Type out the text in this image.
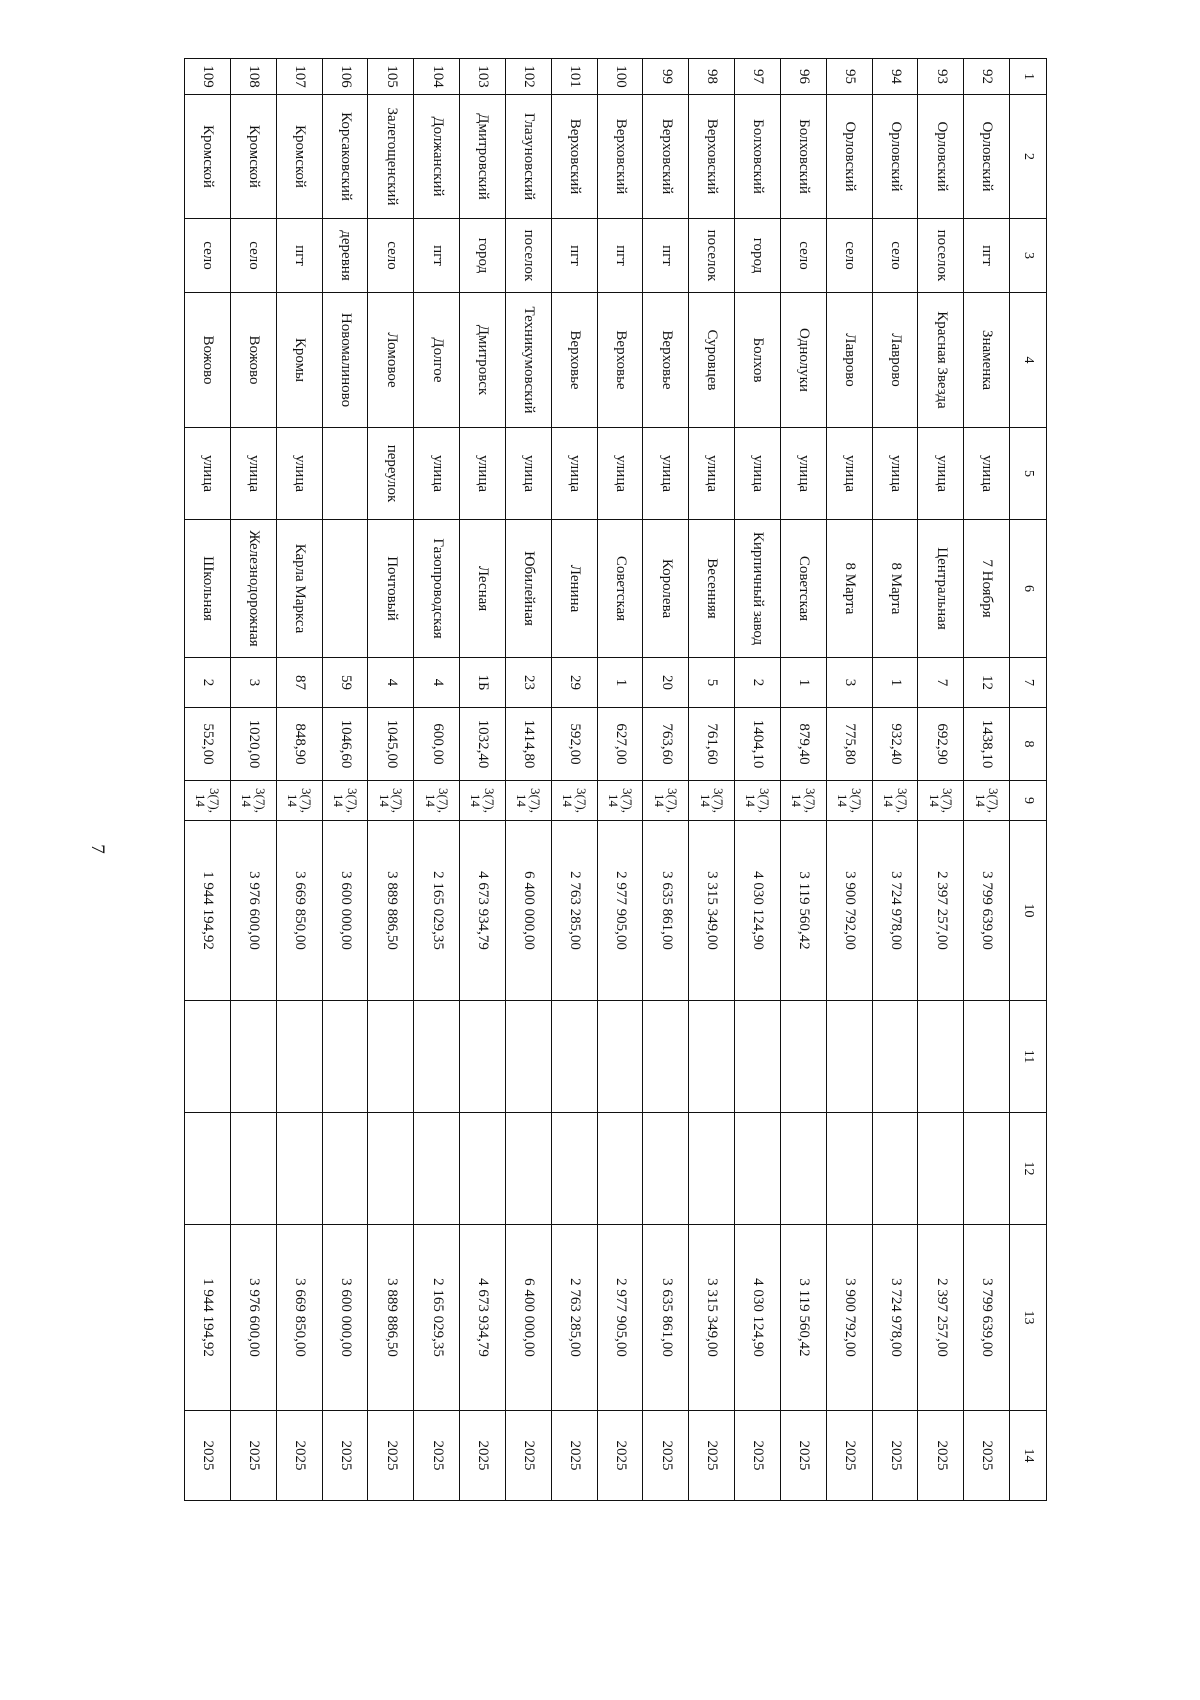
7
1	2	3	4	5	6	7	8	9	10	11	12	13	14
92	Орловский	пгт	Знаменка	улица	7 Ноября	12	1438,10	3(7), 14	3 799 639,00			3 799 639,00	2025
93	Орловский	поселок	Красная Звезда	улица	Центральная	7	692,90	3(7), 14	2 397 257,00			2 397 257,00	2025
94	Орловский	село	Лаврово	улица	8 Марта	1	932,40	3(7), 14	3 724 978,00			3 724 978,00	2025
95	Орловский	село	Лаврово	улица	8 Марта	3	775,80	3(7), 14	3 900 792,00			3 900 792,00	2025
96	Болховский	село	Однолуки	улица	Советская	1	879,40	3(7), 14	3 119 560,42			3 119 560,42	2025
97	Болховский	город	Болхов	улица	Кирпичный завод	2	1404,10	3(7), 14	4 030 124,90			4 030 124,90	2025
98	Верховский	поселок	Суровцев	улица	Весенняя	5	761,60	3(7), 14	3 315 349,00			3 315 349,00	2025
99	Верховский	пгт	Верховье	улица	Королева	20	763,60	3(7), 14	3 635 861,00			3 635 861,00	2025
100	Верховский	пгт	Верховье	улица	Советская	1	627,00	3(7), 14	2 977 905,00			2 977 905,00	2025
101	Верховский	пгт	Верховье	улица	Ленина	29	592,00	3(7), 14	2 763 285,00			2 763 285,00	2025
102	Глазуновский	поселок	Техникумовский	улица	Юбилейная	23	1414,80	3(7), 14	6 400 000,00			6 400 000,00	2025
103	Дмитровский	город	Дмитровск	улица	Лесная	1Б	1032,40	3(7), 14	4 673 934,79			4 673 934,79	2025
104	Должанский	пгт	Долгое	улица	Газопроводская	4	600,00	3(7), 14	2 165 029,35			2 165 029,35	2025
105	Залегощенский	село	Ломовое	переулок	Почтовый	4	1045,00	3(7), 14	3 889 886,50			3 889 886,50	2025
106	Корсаковский	деревня	Новомалиново			59	1046,60	3(7), 14	3 600 000,00			3 600 000,00	2025
107	Кромской	пгт	Кромы	улица	Карла Маркса	87	848,90	3(7), 14	3 669 850,00			3 669 850,00	2025
108	Кромской	село	Вожово	улица	Железнодорожная	3	1020,00	3(7), 14	3 976 600,00			3 976 600,00	2025
109	Кромской	село	Вожово	улица	Школьная	2	552,00	3(7), 14	1 944 194,92			1 944 194,92	2025
